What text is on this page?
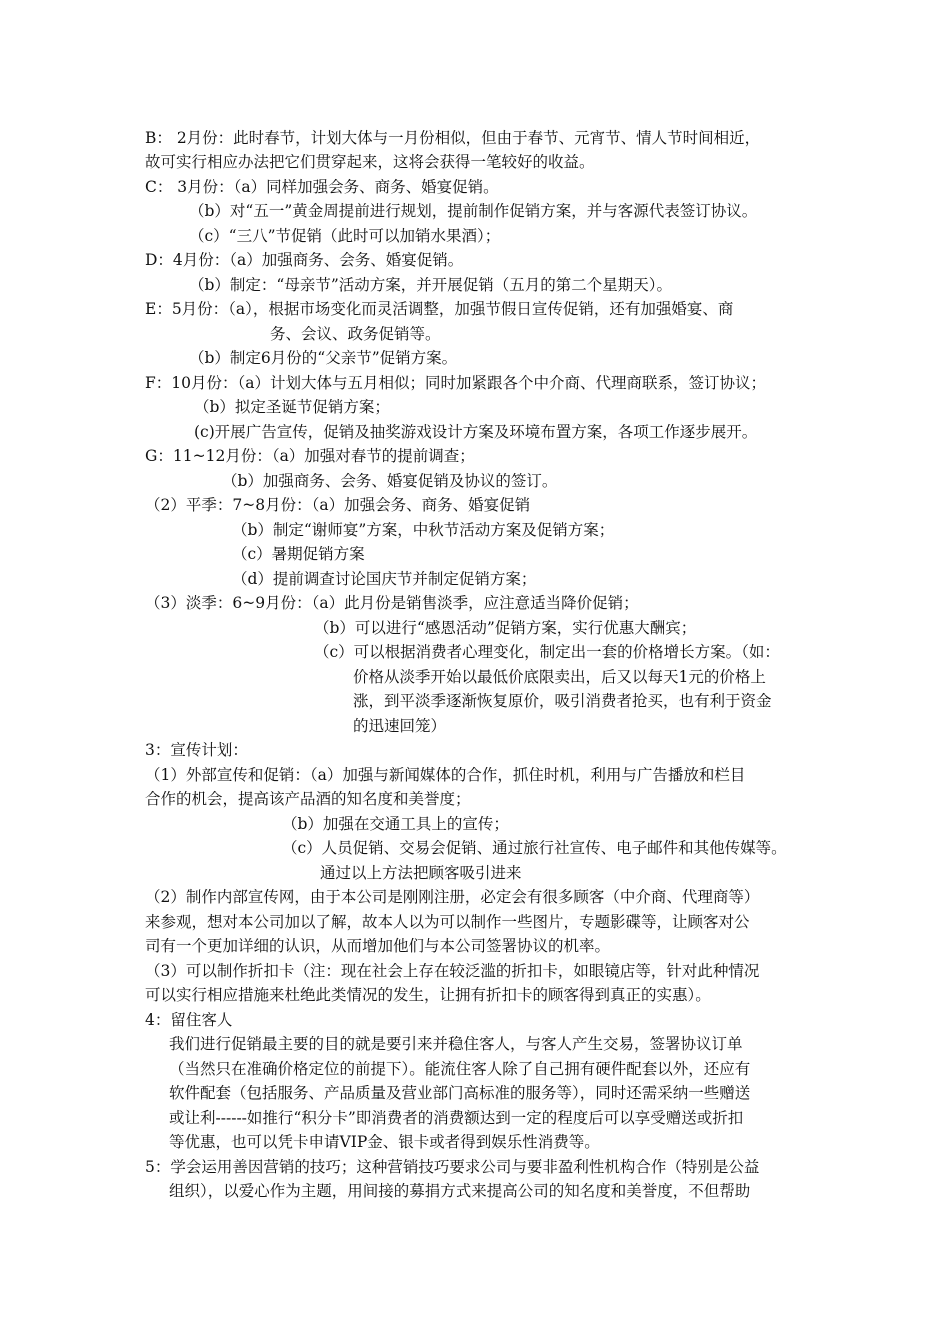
B： 2月份：此时春节，计划大体与一月份相似，但由于春节、元宵节、情人节时间相近，
故可实行相应办法把它们贯穿起来，这将会获得一笔较好的收益。
C： 3月份：（a）同样加强会务、商务、婚宴促销。
（b）对“五一”黄金周提前进行规划，提前制作促销方案，并与客源代表签订协议。
（c）“三八”节促销（此时可以加销水果酒）；
D：4月份：（a）加强商务、会务、婚宴促销。
（b）制定：“母亲节”活动方案，并开展促销（五月的第二个星期天）。
E：5月份：（a），根据市场变化而灵活调整，加强节假日宣传促销，还有加强婚宴、商
务、会议、政务促销等。
（b）制定6月份的“父亲节”促销方案。
F：10月份：（a）计划大体与五月相似；同时加紧跟各个中介商、代理商联系，签订协议；
（b）拟定圣诞节促销方案；
(c)开展广告宣传，促销及抽奖游戏设计方案及环境布置方案，各项工作逐步展开。
G：11~12月份：（a）加强对春节的提前调查；
（b）加强商务、会务、婚宴促销及协议的签订。
（2）平季：7~8月份：（a）加强会务、商务、婚宴促销
（b）制定“谢师宴”方案，中秋节活动方案及促销方案；
（c）暑期促销方案
（d）提前调查讨论国庆节并制定促销方案；
（3）淡季：6~9月份：（a）此月份是销售淡季，应注意适当降价促销；
（b）可以进行“感恩活动”促销方案，实行优惠大酬宾；
（c）可以根据消费者心理变化，制定出一套的价格增长方案。（如：
价格从淡季开始以最低价底限卖出，后又以每天1元的价格上
涨，到平淡季逐渐恢复原价，吸引消费者抢买，也有利于资金
的迅速回笼）
3：宣传计划：
（1）外部宣传和促销：（a）加强与新闻媒体的合作，抓住时机，利用与广告播放和栏目
合作的机会，提高该产品酒的知名度和美誉度；
（b）加强在交通工具上的宣传；
（c）人员促销、交易会促销、通过旅行社宣传、电子邮件和其他传媒等。
通过以上方法把顾客吸引进来
（2）制作内部宣传网，由于本公司是刚刚注册，必定会有很多顾客（中介商、代理商等）
来参观，想对本公司加以了解，故本人以为可以制作一些图片，专题影碟等，让顾客对公
司有一个更加详细的认识，从而增加他们与本公司签署协议的机率。
（3）可以制作折扣卡（注：现在社会上存在较泛滥的折扣卡，如眼镜店等，针对此种情况
可以实行相应措施来杜绝此类情况的发生，让拥有折扣卡的顾客得到真正的实惠）。
4：留住客人
我们进行促销最主要的目的就是要引来并稳住客人，与客人产生交易，签署协议订单
（当然只在准确价格定位的前提下）。能流住客人除了自己拥有硬件配套以外，还应有
软件配套（包括服务、产品质量及营业部门高标准的服务等），同时还需采纳一些赠送
或让利------如推行“积分卡”即消费者的消费额达到一定的程度后可以享受赠送或折扣
等优惠，也可以凭卡申请VIP金、银卡或者得到娱乐性消费等。
5：学会运用善因营销的技巧；这种营销技巧要求公司与要非盈利性机构合作（特别是公益
组织），以爱心作为主题，用间接的募捐方式来提高公司的知名度和美誉度，不但帮助
